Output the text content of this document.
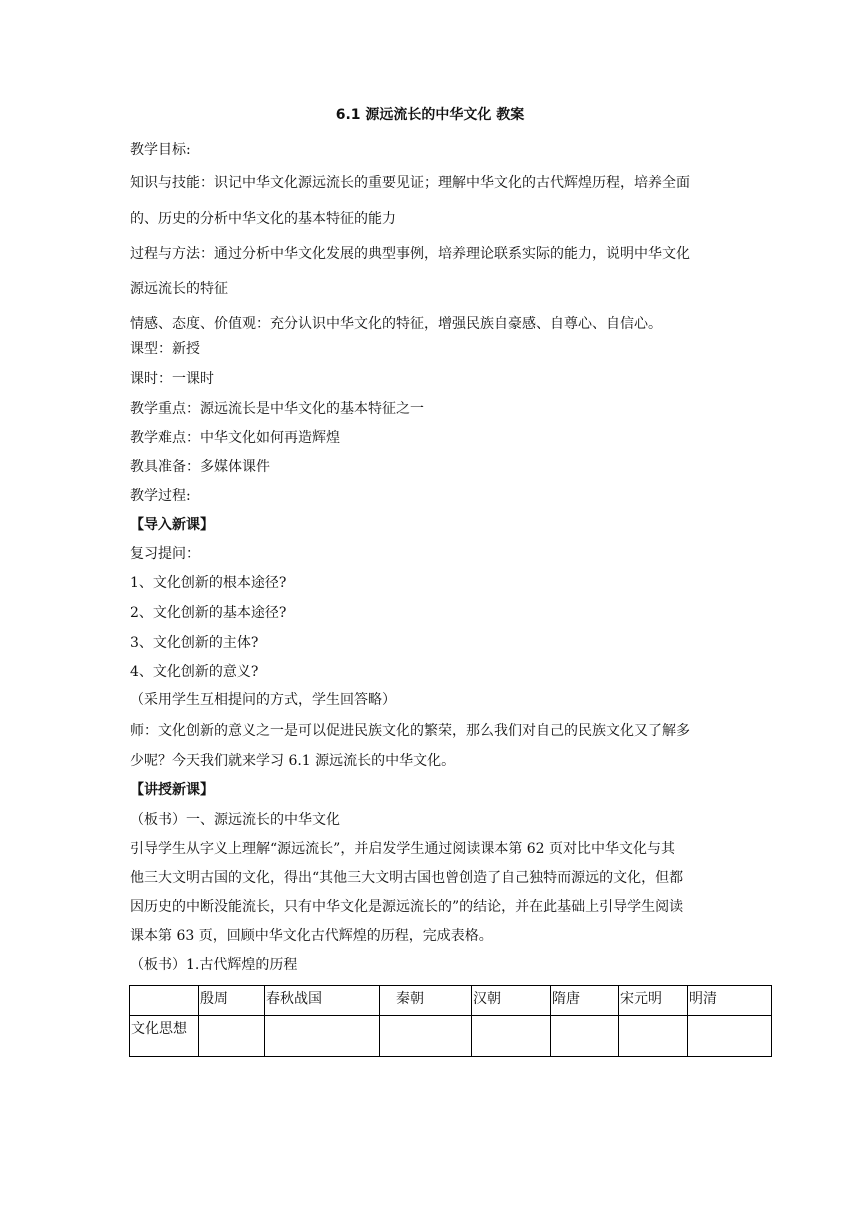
6.1 源远流长的中华文化 教案
教学目标:
知识与技能：识记中华文化源远流长的重要见证；理解中华文化的古代辉煌历程，培养全面
的、历史的分析中华文化的基本特征的能力
过程与方法：通过分析中华文化发展的典型事例，培养理论联系实际的能力，说明中华文化
源远流长的特征
情感、态度、价值观：充分认识中华文化的特征，增强民族自豪感、自尊心、自信心。
课型：新授
课时：一课时
教学重点：源远流长是中华文化的基本特征之一
教学难点：中华文化如何再造辉煌
教具准备：多媒体课件
教学过程:
【导入新课】
复习提问：
1、文化创新的根本途径?
2、文化创新的基本途径?
3、文化创新的主体?
4、文化创新的意义?
（采用学生互相提问的方式，学生回答略）
师：文化创新的意义之一是可以促进民族文化的繁荣，那么我们对自己的民族文化又了解多
少呢？今天我们就来学习 6.1 源远流长的中华文化。
【讲授新课】
（板书）一、源远流长的中华文化
引导学生从字义上理解“源远流长”，并启发学生通过阅读课本第 62 页对比中华文化与其
他三大文明古国的文化，得出“其他三大文明古国也曾创造了自己独特而源远的文化，但都
因历史的中断没能流长，只有中华文化是源远流长的”的结论，并在此基础上引导学生阅读
课本第 63 页，回顾中华文化古代辉煌的历程，完成表格。
（板书）1.古代辉煌的历程
	殷周	春秋战国	秦朝	汉朝	隋唐	宋元明	明清
文化思想							
